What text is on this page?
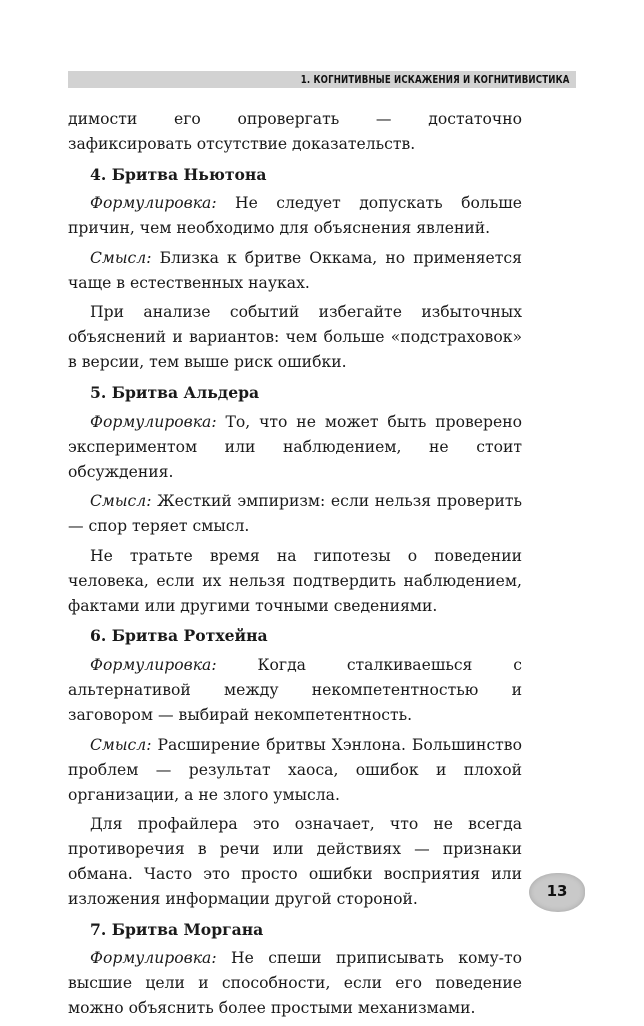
1. КОГНИТИВНЫЕ ИСКАЖЕНИЯ И КОГНИТИВИСТИКА

димости его опровергать — достаточно зафиксировать отсутствие доказательств.

4. Бритва Ньютона

Формулировка: Не следует допускать больше причин, чем необходимо для объяснения явлений.

Смысл: Близка к бритве Оккама, но применяется чаще в естественных науках.

При анализе событий избегайте избыточных объяснений и вариантов: чем больше «подстраховок» в версии, тем выше риск ошибки.

5. Бритва Альдера

Формулировка: То, что не может быть проверено экспериментом или наблюдением, не стоит обсуждения.

Смысл: Жесткий эмпиризм: если нельзя проверить — спор теряет смысл.

Не тратьте время на гипотезы о поведении человека, если их нельзя подтвердить наблюдением, фактами или другими точными сведениями.

6. Бритва Ротхейна

Формулировка:	Когда сталкиваешься с альтернативой между некомпетентностью и заговором — выбирай некомпетентность.

Смысл: Расширение бритвы Хэнлона. Большинство проблем — результат хаоса, ошибок и плохой организации, а не злого умысла.

Для профайлера это означает, что не всегда противоречия в речи или действиях — признаки обмана. Часто это просто ошибки восприятия или изложения информации другой стороной.

7. Бритва Моргана

Формулировка: Не спеши приписывать кому-то высшие цели и способности, если его поведение можно объяснить более простыми механизмами.

13
